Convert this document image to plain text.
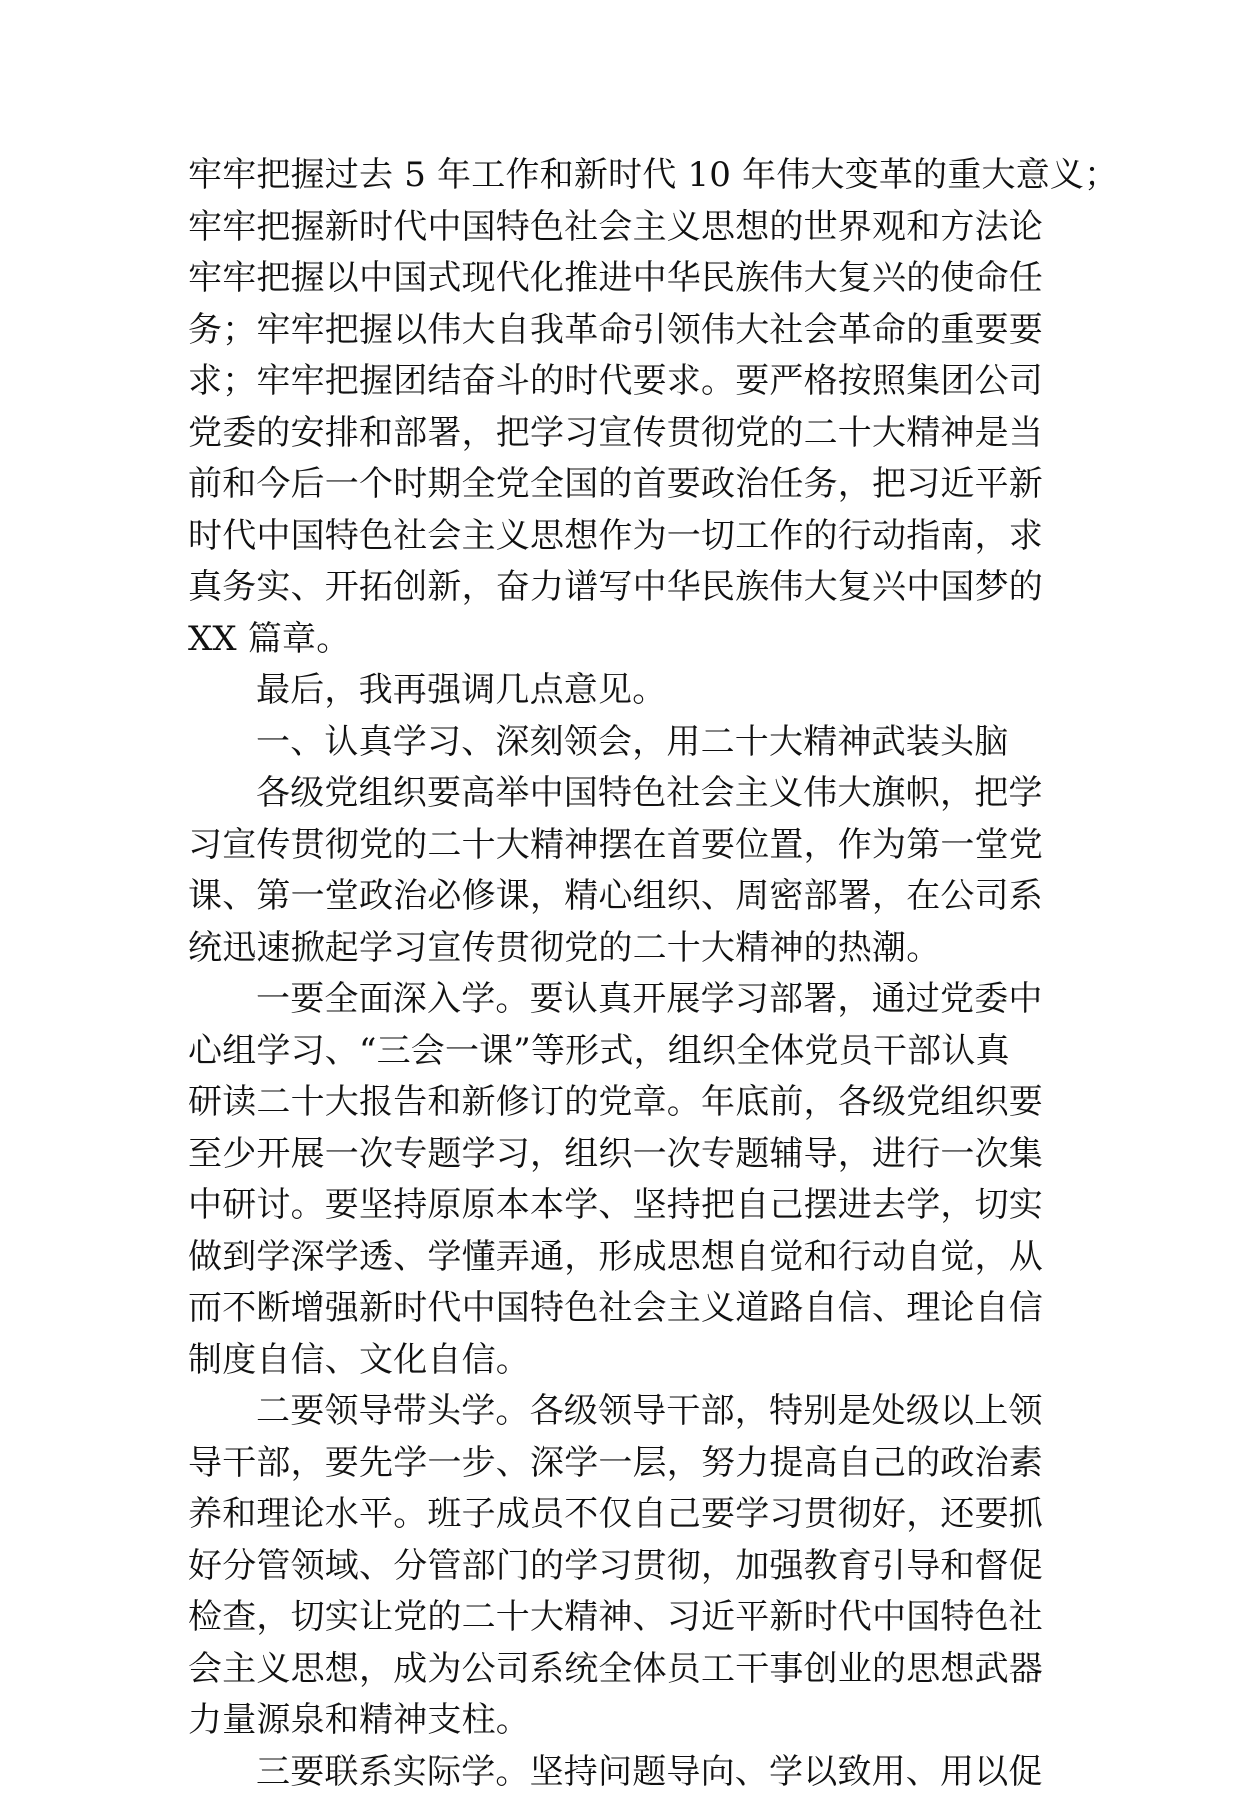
牢牢把握过去 5 年工作和新时代 10 年伟大变革的重大意义；
牢牢把握新时代中国特色社会主义思想的世界观和方法论
牢牢把握以中国式现代化推进中华民族伟大复兴的使命任
务；牢牢把握以伟大自我革命引领伟大社会革命的重要要
求；牢牢把握团结奋斗的时代要求。要严格按照集团公司
党委的安排和部署，把学习宣传贯彻党的二十大精神是当
前和今后一个时期全党全国的首要政治任务，把习近平新
时代中国特色社会主义思想作为一切工作的行动指南，求
真务实、开拓创新，奋力谱写中华民族伟大复兴中国梦的
XX 篇章。
最后，我再强调几点意见。
一、认真学习、深刻领会，用二十大精神武装头脑
各级党组织要高举中国特色社会主义伟大旗帜，把学
习宣传贯彻党的二十大精神摆在首要位置，作为第一堂党
课、第一堂政治必修课，精心组织、周密部署，在公司系
统迅速掀起学习宣传贯彻党的二十大精神的热潮。
一要全面深入学。要认真开展学习部署，通过党委中
心组学习、“三会一课”等形式，组织全体党员干部认真
研读二十大报告和新修订的党章。年底前，各级党组织要
至少开展一次专题学习，组织一次专题辅导，进行一次集
中研讨。要坚持原原本本学、坚持把自己摆进去学，切实
做到学深学透、学懂弄通，形成思想自觉和行动自觉，从
而不断增强新时代中国特色社会主义道路自信、理论自信
制度自信、文化自信。
二要领导带头学。各级领导干部，特别是处级以上领
导干部，要先学一步、深学一层，努力提高自己的政治素
养和理论水平。班子成员不仅自己要学习贯彻好，还要抓
好分管领域、分管部门的学习贯彻，加强教育引导和督促
检查，切实让党的二十大精神、习近平新时代中国特色社
会主义思想，成为公司系统全体员工干事创业的思想武器
力量源泉和精神支柱。
三要联系实际学。坚持问题导向、学以致用、用以促
